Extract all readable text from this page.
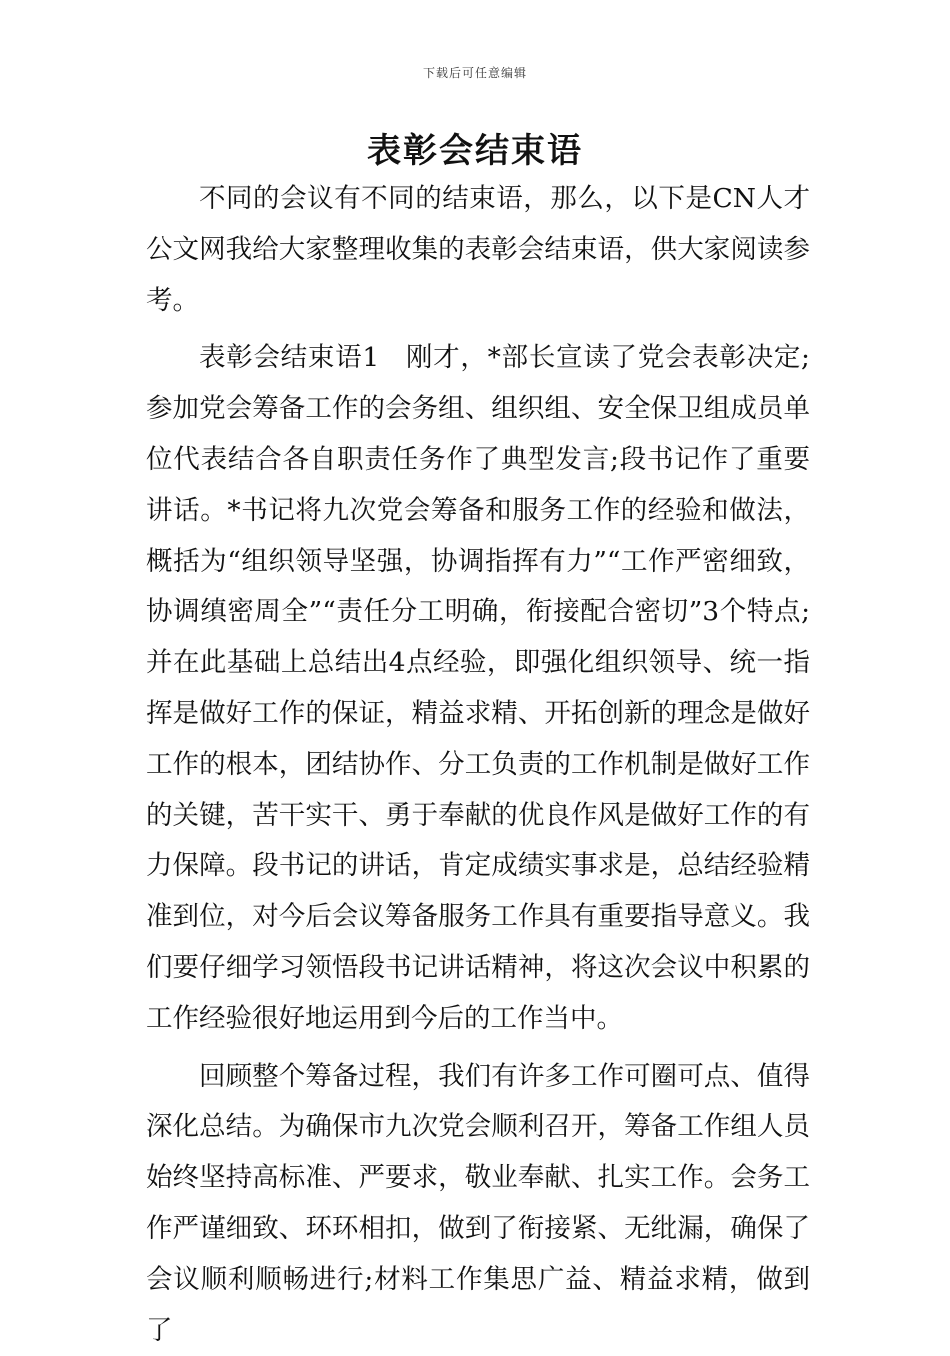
下载后可任意编辑
表彰会结束语

不同的会议有不同的结束语，那么，以下是CN人才公文网我给大家整理收集的表彰会结束语，供大家阅读参考。

表彰会结束语1 刚才，*部长宣读了党会表彰决定;参加党会筹备工作的会务组、组织组、安全保卫组成员单位代表结合各自职责任务作了典型发言;段书记作了重要讲话。*书记将九次党会筹备和服务工作的经验和做法，概括为“组织领导坚强，协调指挥有力”“工作严密细致，协调缜密周全”“责任分工明确，衔接配合密切”3个特点;并在此基础上总结出4点经验，即强化组织领导、统一指挥是做好工作的保证，精益求精、开拓创新的理念是做好工作的根本，团结协作、分工负责的工作机制是做好工作的关键，苦干实干、勇于奉献的优良作风是做好工作的有力保障。段书记的讲话，肯定成绩实事求是，总结经验精准到位，对今后会议筹备服务工作具有重要指导意义。我们要仔细学习领悟段书记讲话精神，将这次会议中积累的工作经验很好地运用到今后的工作当中。

回顾整个筹备过程，我们有许多工作可圈可点、值得深化总结。为确保市九次党会顺利召开，筹备工作组人员始终坚持高标准、严要求，敬业奉献、扎实工作。会务工作严谨细致、环环相扣，做到了衔接紧、无纰漏，确保了会议顺利顺畅进行;材料工作集思广益、精益求精，做到了
